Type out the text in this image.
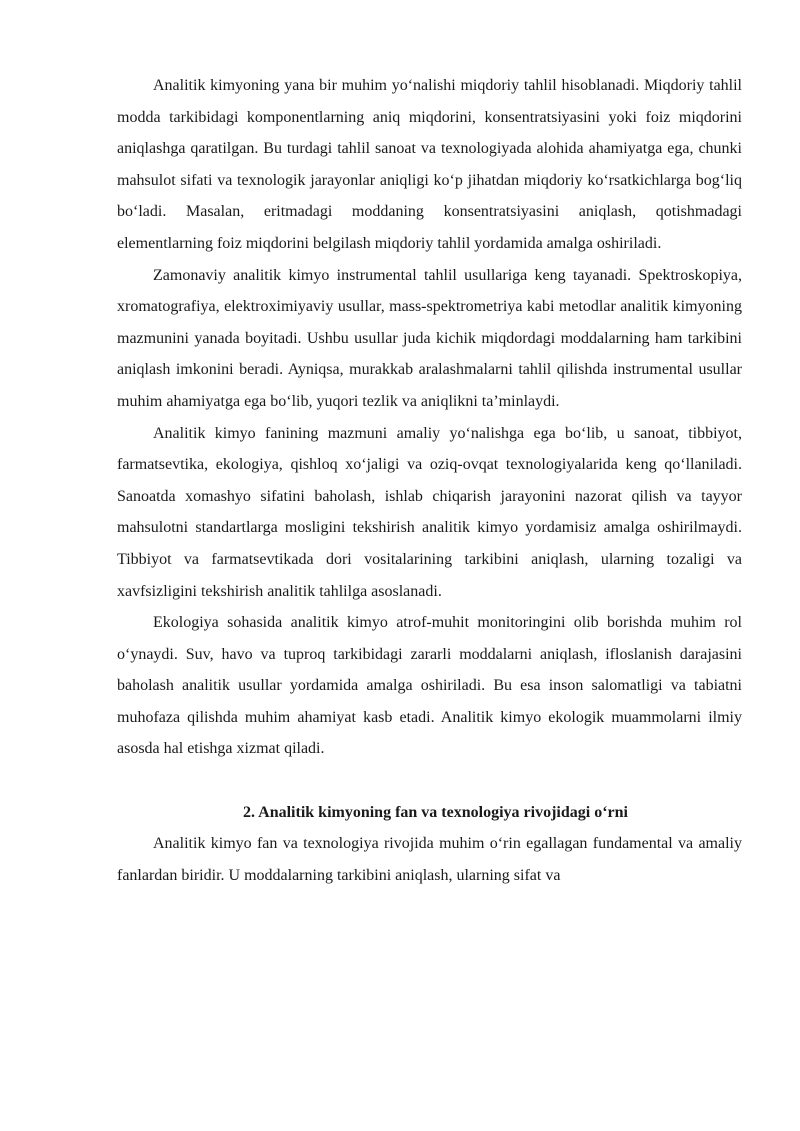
Analitik kimyoning yana bir muhim yo‘nalishi miqdoriy tahlil hisoblanadi. Miqdoriy tahlil modda tarkibidagi komponentlarning aniq miqdorini, konsentratsiyasini yoki foiz miqdorini aniqlashga qaratilgan. Bu turdagi tahlil sanoat va texnologiyada alohida ahamiyatga ega, chunki mahsulot sifati va texnologik jarayonlar aniqligi ko‘p jihatdan miqdoriy ko‘rsatkichlarga bog‘liq bo‘ladi. Masalan, eritmadagi moddaning konsentratsiyasini aniqlash, qotishmadagi elementlarning foiz miqdorini belgilash miqdoriy tahlil yordamida amalga oshiriladi.

Zamonaviy analitik kimyo instrumental tahlil usullariga keng tayanadi. Spektroskopiya, xromatografiya, elektroximiyaviy usullar, mass-spektrometriya kabi metodlar analitik kimyoning mazmunini yanada boyitadi. Ushbu usullar juda kichik miqdordagi moddalarning ham tarkibini aniqlash imkonini beradi. Ayniqsa, murakkab aralashmalarni tahlil qilishda instrumental usullar muhim ahamiyatga ega bo‘lib, yuqori tezlik va aniqlikni ta’minlaydi.

Analitik kimyo fanining mazmuni amaliy yo‘nalishga ega bo‘lib, u sanoat, tibbiyot, farmatsevtika, ekologiya, qishloq xo‘jaligi va oziq-ovqat texnologiyalarida keng qo‘llaniladi. Sanoatda xomashyo sifatini baholash, ishlab chiqarish jarayonini nazorat qilish va tayyor mahsulotni standartlarga mosligini tekshirish analitik kimyo yordamisiz amalga oshirilmaydi. Tibbiyot va farmatsevtikada dori vositalarining tarkibini aniqlash, ularning tozaligi va xavfsizligini tekshirish analitik tahlilga asoslanadi.

Ekologiya sohasida analitik kimyo atrof-muhit monitoringini olib borishda muhim rol o‘ynaydi. Suv, havo va tuproq tarkibidagi zararli moddalarni aniqlash, ifloslanish darajasini baholash analitik usullar yordamida amalga oshiriladi. Bu esa inson salomatligi va tabiatni muhofaza qilishda muhim ahamiyat kasb etadi. Analitik kimyo ekologik muammolarni ilmiy asosda hal etishga xizmat qiladi.

2. Analitik kimyoning fan va texnologiya rivojidagi o‘rni

Analitik kimyo fan va texnologiya rivojida muhim o‘rin egallagan fundamental va amaliy fanlardan biridir. U moddalarning tarkibini aniqlash, ularning sifat va
